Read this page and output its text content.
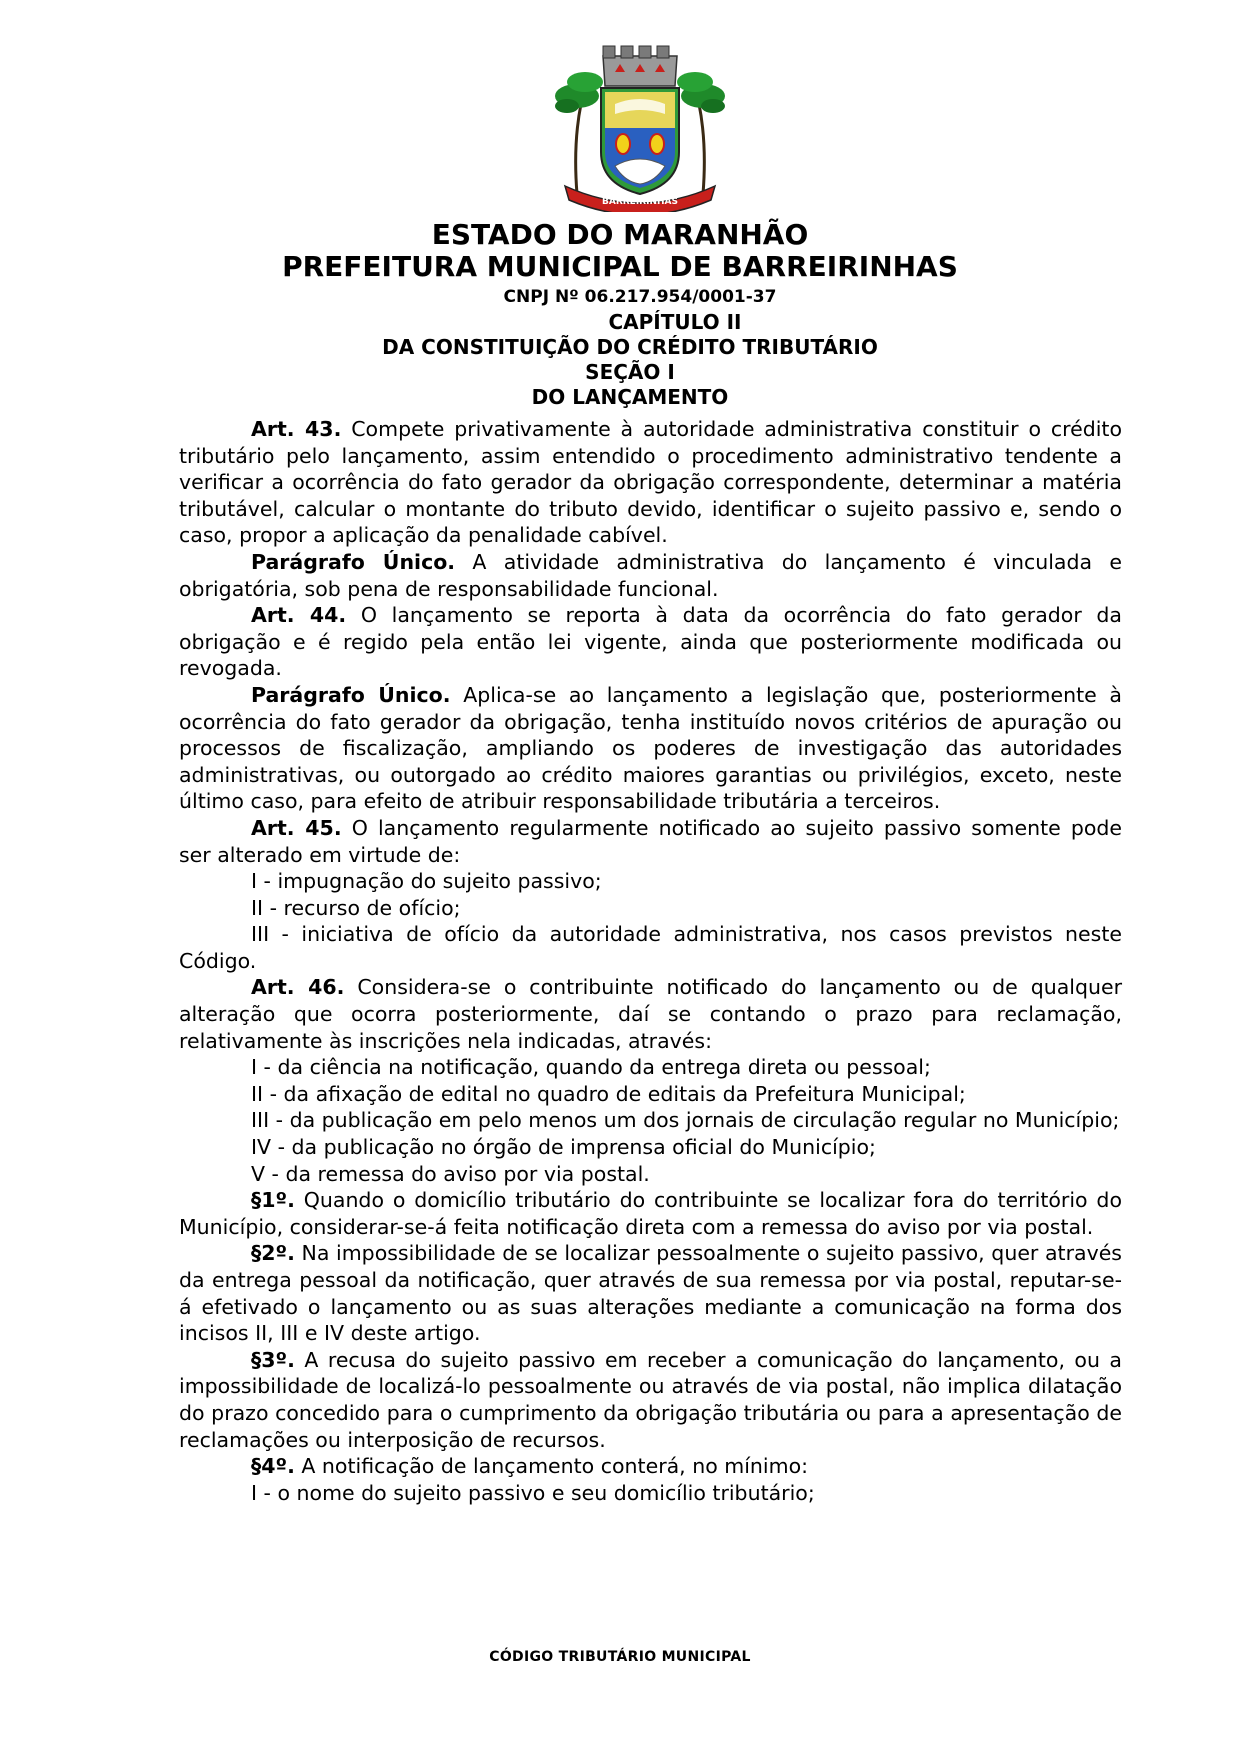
BARREIRINHAS
ESTADO DO MARANHÃO
PREFEITURA MUNICIPAL DE BARREIRINHAS
CNPJ Nº 06.217.954/0001-37
CAPÍTULO II
DA CONSTITUIÇÃO DO CRÉDITO TRIBUTÁRIO
SEÇÃO I
DO LANÇAMENTO

Art. 43. Compete privativamente à autoridade administrativa constituir o crédito tributário pelo lançamento, assim entendido o procedimento administrativo tendente a verificar a ocorrência do fato gerador da obrigação correspondente, determinar a matéria tributável, calcular o montante do tributo devido, identificar o sujeito passivo e, sendo o caso, propor a aplicação da penalidade cabível.

Parágrafo Único. A atividade administrativa do lançamento é vinculada e obrigatória, sob pena de responsabilidade funcional.

Art. 44. O lançamento se reporta à data da ocorrência do fato gerador da obrigação e é regido pela então lei vigente, ainda que posteriormente modificada ou revogada.

Parágrafo Único. Aplica-se ao lançamento a legislação que, posteriormente à ocorrência do fato gerador da obrigação, tenha instituído novos critérios de apuração ou processos de fiscalização, ampliando os poderes de investigação das autoridades administrativas, ou outorgado ao crédito maiores garantias ou privilégios, exceto, neste último caso, para efeito de atribuir responsabilidade tributária a terceiros.

Art. 45. O lançamento regularmente notificado ao sujeito passivo somente pode ser alterado em virtude de:

I - impugnação do sujeito passivo;

II - recurso de ofício;

III - iniciativa de ofício da autoridade administrativa, nos casos previstos neste Código.

Art. 46. Considera-se o contribuinte notificado do lançamento ou de qualquer alteração que ocorra posteriormente, daí se contando o prazo para reclamação, relativamente às inscrições nela indicadas, através:

I - da ciência na notificação, quando da entrega direta ou pessoal;

II - da afixação de edital no quadro de editais da Prefeitura Municipal;

III - da publicação em pelo menos um dos jornais de circulação regular no Município;

IV - da publicação no órgão de imprensa oficial do Município;

V - da remessa do aviso por via postal.

§1º. Quando o domicílio tributário do contribuinte se localizar fora do território do Município, considerar-se-á feita notificação direta com a remessa do aviso por via postal.

§2º. Na impossibilidade de se localizar pessoalmente o sujeito passivo, quer através da entrega pessoal da notificação, quer através de sua remessa por via postal, reputar-se-á efetivado o lançamento ou as suas alterações mediante a comunicação na forma dos incisos II, III e IV deste artigo.

§3º. A recusa do sujeito passivo em receber a comunicação do lançamento, ou a impossibilidade de localizá-lo pessoalmente ou através de via postal, não implica dilatação do prazo concedido para o cumprimento da obrigação tributária ou para a apresentação de reclamações ou interposição de recursos.

§4º. A notificação de lançamento conterá, no mínimo:

I - o nome do sujeito passivo e seu domicílio tributário;

CÓDIGO TRIBUTÁRIO MUNICIPAL
